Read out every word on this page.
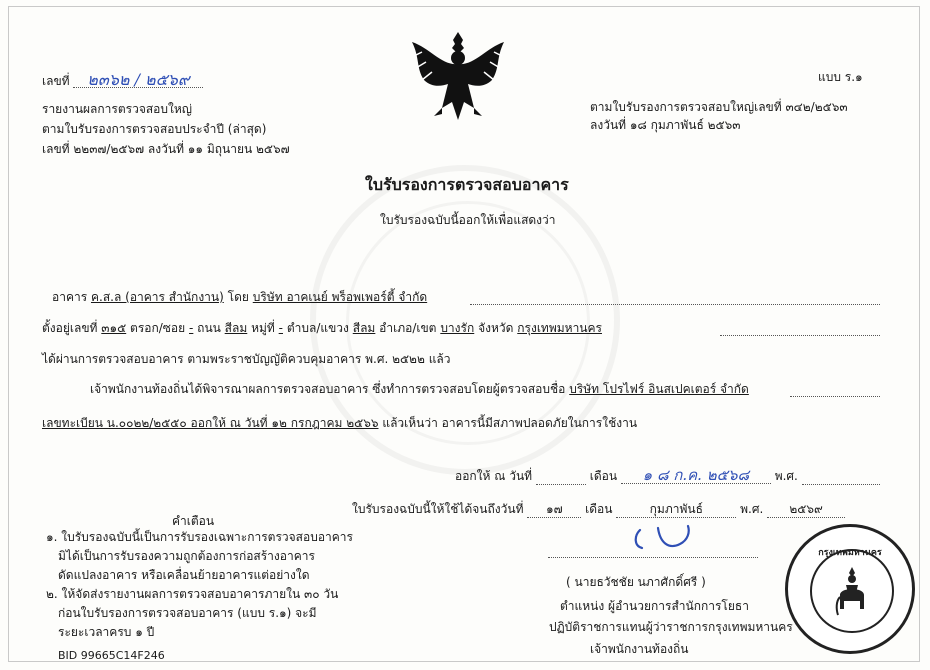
เลขที่ ๒๓๖๒ / ๒๕๖๙
รายงานผลการตรวจสอบใหญ่
ตามใบรับรองการตรวจสอบประจำปี (ล่าสุด)
เลขที่ ๒๒๓๗/๒๕๖๗ ลงวันที่ ๑๑ มิถุนายน ๒๕๖๗
แบบ ร.๑
ตามใบรับรองการตรวจสอบใหญ่เลขที่ ๓๔๒/๒๕๖๓
ลงวันที่ ๑๘ กุมภาพันธ์ ๒๕๖๓
ใบรับรองการตรวจสอบอาคาร
ใบรับรองฉบับนี้ออกให้เพื่อแสดงว่า
อาคาร ค.ส.ล (อาคาร สำนักงาน) โดย บริษัท อาคเนย์ พร็อพเพอร์ตี้ จำกัด
ตั้งอยู่เลขที่ ๓๑๕ ตรอก/ซอย - ถนน สีลม หมู่ที่ - ตำบล/แขวง สีลม อำเภอ/เขต บางรัก จังหวัด กรุงเทพมหานคร
ได้ผ่านการตรวจสอบอาคาร ตามพระราชบัญญัติควบคุมอาคาร พ.ศ. ๒๕๒๒ แล้ว
เจ้าพนักงานท้องถิ่นได้พิจารณาผลการตรวจสอบอาคาร ซึ่งทำการตรวจสอบโดยผู้ตรวจสอบชื่อ บริษัท โปรไฟร์ อินสเปคเตอร์ จำกัด
เลขทะเบียน น.๐๐๒๒/๒๕๕๐ ออกให้ ณ วันที่ ๑๒ กรกฎาคม ๒๕๖๖ แล้วเห็นว่า อาคารนี้มีสภาพปลอดภัยในการใช้งาน
ออกให้ ณ วันที่	เดือน ๑ ๘ ก.ค. ๒๕๖๘ พ.ศ.
ใบรับรองฉบับนี้ให้ใช้ได้จนถึงวันที่ ๑๗ เดือน	กุมภาพันธ์	พ.ศ. ๒๕๖๙
คำเตือน
๑. ใบรับรองฉบับนี้เป็นการรับรองเฉพาะการตรวจสอบอาคาร
มิได้เป็นการรับรองความถูกต้องการก่อสร้างอาคาร
ดัดแปลงอาคาร หรือเคลื่อนย้ายอาคารแต่อย่างใด
๒. ให้จัดส่งรายงานผลการตรวจสอบอาคารภายใน ๓๐ วัน
ก่อนใบรับรองการตรวจสอบอาคาร (แบบ ร.๑) จะมี
ระยะเวลาครบ ๑ ปี
BID 99665C14F246
( นายธวัชชัย นภาศักดิ์ศรี )
ตำแหน่ง ผู้อำนวยการสำนักการโยธา
ปฏิบัติราชการแทนผู้ว่าราชการกรุงเทพมหานคร
เจ้าพนักงานท้องถิ่น
กรุงเทพมหานคร
